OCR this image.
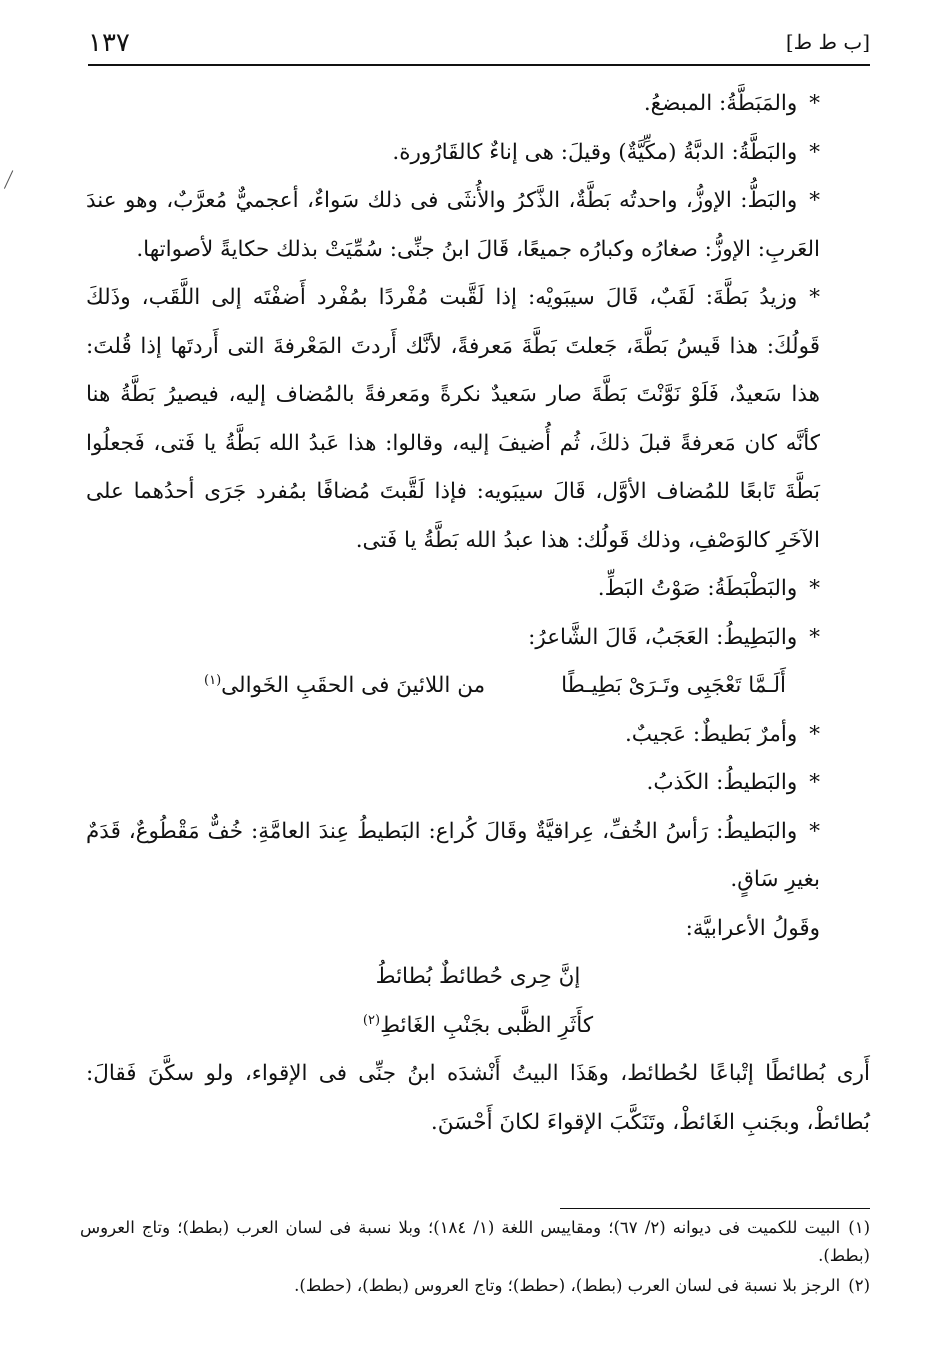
[ب ط ط]
١٣٧

*والمَبَطَّةُ: المبضعُ.

*والبَطَّةُ: الدبَّةُ (مكِّيَّةٌ) وقيلَ: هى إناءٌ كالقَارُورة.

*والبَطُّ: الإوزُّ، واحدتُه بَطَّةٌ، الذَّكرُ والأُنثَى فى ذلك سَواءٌ، أعجميٌّ مُعرَّبٌ، وهو عندَ العَربِ: الإوزُّ: صغارُه وكبارُه جميعًا، قَالَ ابنُ جنِّى: سُمِّيَتْ بذلك حكايةً لأصواتها.

*وزيدُ بَطَّةَ: لَقَبٌ، قَالَ سيبَويْه: إذا لَقَّبت مُفْردًا بمُفْرد أَضفْتَه إلى اللَّقَب، وذَلكَ قَولُكَ: هذا قَيسُ بَطَّةَ، جَعلتَ بَطَّةَ مَعرفةً، لأنَّك أَردتَ المَعْرفةَ التى أَردتَها إذا قُلتَ: هذا سَعيدٌ، فَلَوْ نَوَّنْتَ بَطَّةَ صار سَعيدٌ نكرةً ومَعرفةً بالمُضاف إليه، فيصيرُ بَطَّةُ هنا كأنَّه كان مَعرفةً قبلَ ذلكَ، ثُم أُضيفَ إليه، وقالوا: هذا عَبدُ الله بَطَّةُ يا فَتى، فَجعلُوا بَطَّةَ تَابعًا للمُضاف الأوَّل، قَالَ سيبَويه: فإذا لَقَّبتَ مُضافًا بمُفرد جَرَى أحدُهما على الآخَرِ كالوَصْفِ، وذلك قَولُك: هذا عبدُ الله بَطَّةُ يا فَتى.

*والبَطْبَطَةُ: صَوْتُ البَطِّ.

*والبَطِيطُ: العَجَبُ، قَالَ الشَّاعرُ:

أَلَـمَّا تَعْجَبِى وتَـرَىْ بَطِيـطًا
من اللائينَ فى الحقَبِ الخَوالى$^{(١)}$

*وأمرٌ بَطيطٌ: عَجيبٌ.

*والبَطيطُ: الكَذبُ.

*والبَطيطُ: رَأسُ الخُفِّ، عِراقيَّةٌ وقَالَ كُراع: البَطيطُ عِندَ العامَّةِ: خُفٌّ مَقْطُوعٌ، قَدَمٌ بغيرِ سَاقٍ.

وقَولُ الأعرابيَّة:

إنَّ حِرى حُطائطٌ بُطائطُ

كأَثَرِ الظَّبى بجَنْبِ الغَائطِ$^{(٢)}$

أَرى بُطائطًا إتْباعًا لحُطائط، وهَذَا البيتُ أَنْشدَه ابنُ جنِّى فى الإقواء، ولو سكَّنَ فَقالَ: بُطائطْ، وبجَنبِ الغَائطْ، وتَنَكَّبَ الإقواءَ لكانَ أَحْسَنَ.

(١)البيت للكميت فى ديوانه (٢/ ٦٧)؛ ومقاييس اللغة (١/ ١٨٤)؛ وبلا نسبة فى لسان العرب (بطط)؛ وتاج العروس (بطط).

(٢)الرجز بلا نسبة فى لسان العرب (بطط)، (حطط)؛ وتاج العروس (بطط)، (حطط).
